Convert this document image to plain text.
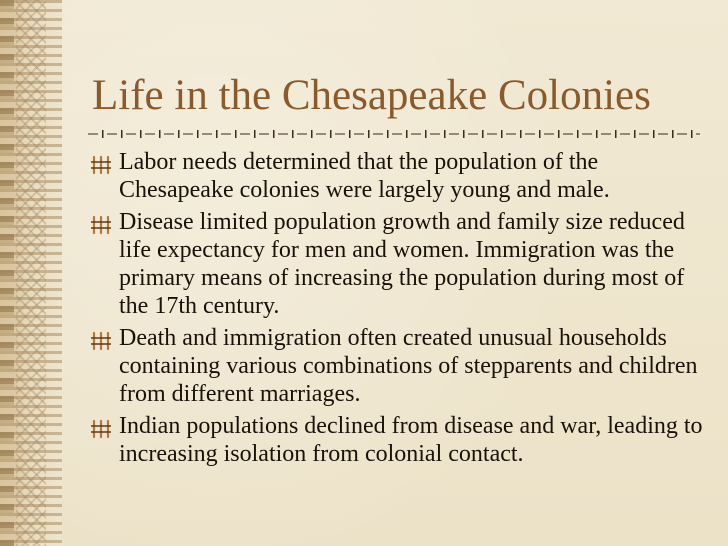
Life in the Chesapeake Colonies
Labor needs determined that the population of the Chesapeake colonies were largely young and male.
Disease limited population growth and family size reduced life expectancy for men and women. Immigration was the primary means of increasing the population during most of the 17th century.
Death and immigration often created unusual households containing various combinations of stepparents and children from different marriages.
Indian populations declined from disease and war, leading to increasing isolation from colonial contact.
